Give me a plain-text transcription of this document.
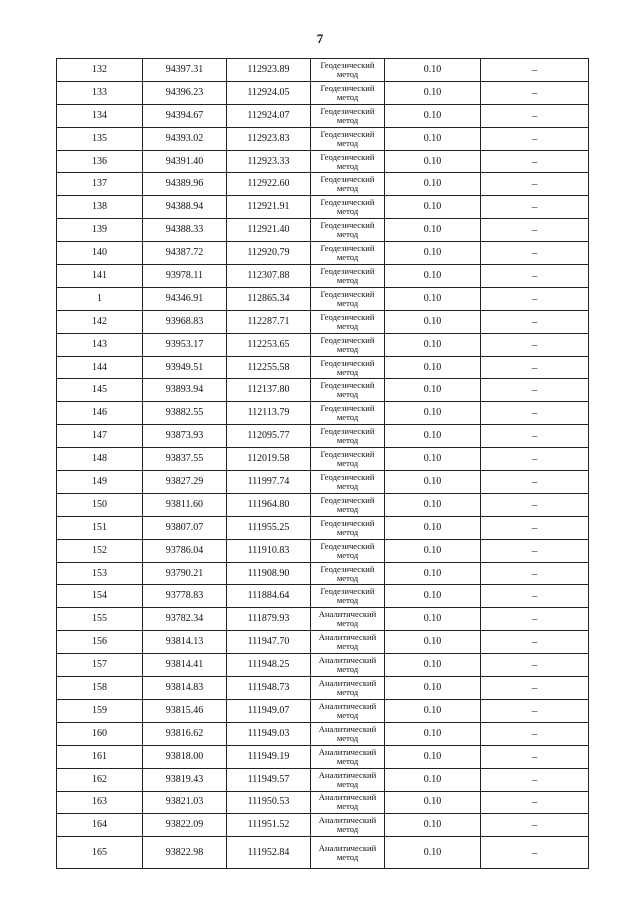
7
132	94397.31	112923.89	Геодезический метод	0.10	–
133	94396.23	112924.05	Геодезический метод	0.10	–
134	94394.67	112924.07	Геодезический метод	0.10	–
135	94393.02	112923.83	Геодезический метод	0.10	–
136	94391.40	112923.33	Геодезический метод	0.10	–
137	94389.96	112922.60	Геодезический метод	0.10	–
138	94388.94	112921.91	Геодезический метод	0.10	–
139	94388.33	112921.40	Геодезический метод	0.10	–
140	94387.72	112920.79	Геодезический метод	0.10	–
141	93978.11	112307.88	Геодезический метод	0.10	–
1	94346.91	112865.34	Геодезический метод	0.10	–
142	93968.83	112287.71	Геодезический метод	0.10	–
143	93953.17	112253.65	Геодезический метод	0.10	–
144	93949.51	112255.58	Геодезический метод	0.10	–
145	93893.94	112137.80	Геодезический метод	0.10	–
146	93882.55	112113.79	Геодезический метод	0.10	–
147	93873.93	112095.77	Геодезический метод	0.10	–
148	93837.55	112019.58	Геодезический метод	0.10	–
149	93827.29	111997.74	Геодезический метод	0.10	–
150	93811.60	111964.80	Геодезический метод	0.10	–
151	93807.07	111955.25	Геодезический метод	0.10	–
152	93786.04	111910.83	Геодезический метод	0.10	–
153	93790.21	111908.90	Геодезический метод	0.10	–
154	93778.83	111884.64	Геодезический метод	0.10	–
155	93782.34	111879.93	Аналитический метод	0.10	–
156	93814.13	111947.70	Аналитический метод	0.10	–
157	93814.41	111948.25	Аналитический метод	0.10	–
158	93814.83	111948.73	Аналитический метод	0.10	–
159	93815.46	111949.07	Аналитический метод	0.10	–
160	93816.62	111949.03	Аналитический метод	0.10	–
161	93818.00	111949.19	Аналитический метод	0.10	–
162	93819.43	111949.57	Аналитический метод	0.10	–
163	93821.03	111950.53	Аналитический метод	0.10	–
164	93822.09	111951.52	Аналитический метод	0.10	–
165	93822.98	111952.84	Аналитический метод	0.10	–
